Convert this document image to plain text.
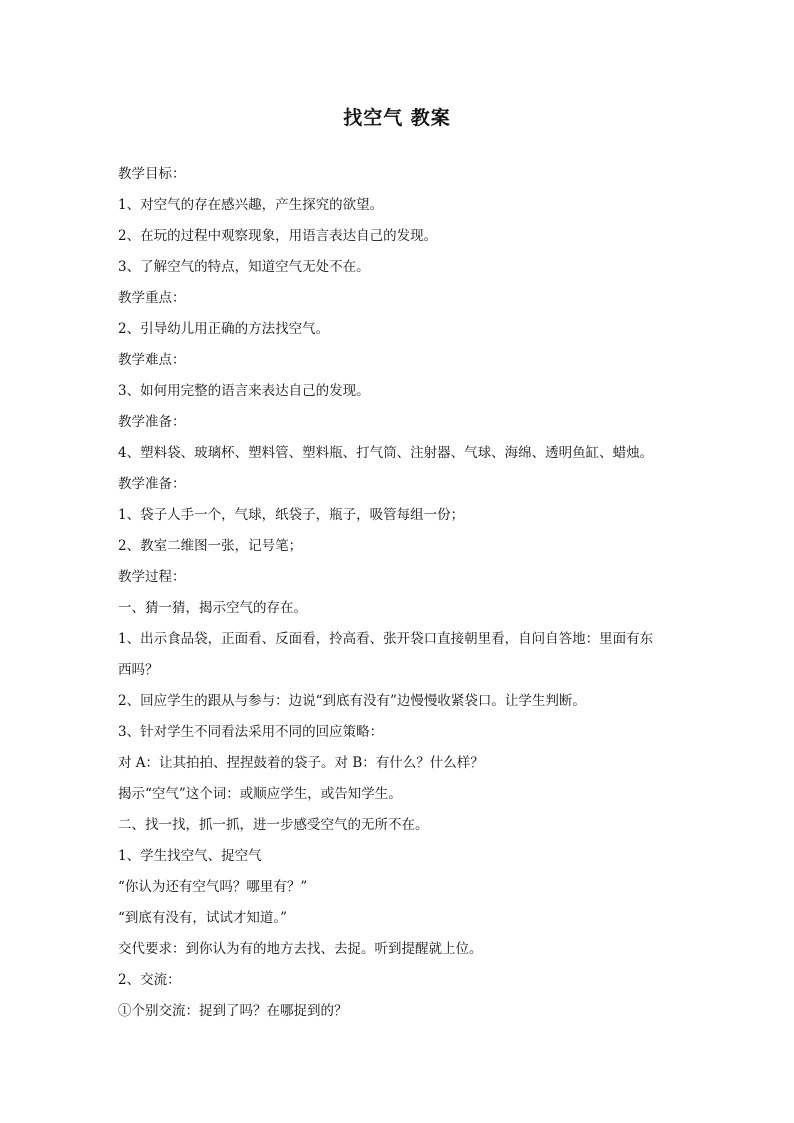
找空气 教案
教学目标：
1、对空气的存在感兴趣，产生探究的欲望。
2、在玩的过程中观察现象，用语言表达自己的发现。
3、了解空气的特点，知道空气无处不在。
教学重点：
2、引导幼儿用正确的方法找空气。
教学难点：
3、如何用完整的语言来表达自己的发现。
教学准备：
4、塑料袋、玻璃杯、塑料管、塑料瓶、打气筒、注射器、气球、海绵、透明鱼缸、蜡烛。
教学准备：
1、袋子人手一个，气球，纸袋子，瓶子，吸管每组一份；
2、教室二维图一张，记号笔；
教学过程：
一、猜一猜，揭示空气的存在。
1、出示食品袋，正面看、反面看，拎高看、张开袋口直接朝里看，自问自答地：里面有东
西吗？
2、回应学生的跟从与参与：边说“到底有没有”边慢慢收紧袋口。让学生判断。
3、针对学生不同看法采用不同的回应策略：
对 A：让其拍拍、捏捏鼓着的袋子。对 B：有什么？什么样？
揭示“空气”这个词：或顺应学生，或告知学生。
二、找一找，抓一抓，进一步感受空气的无所不在。
1、学生找空气、捉空气
“你认为还有空气吗？哪里有？”
“到底有没有，试试才知道。”
交代要求：到你认为有的地方去找、去捉。听到提醒就上位。
2、交流：
①个别交流：捉到了吗？在哪捉到的？
